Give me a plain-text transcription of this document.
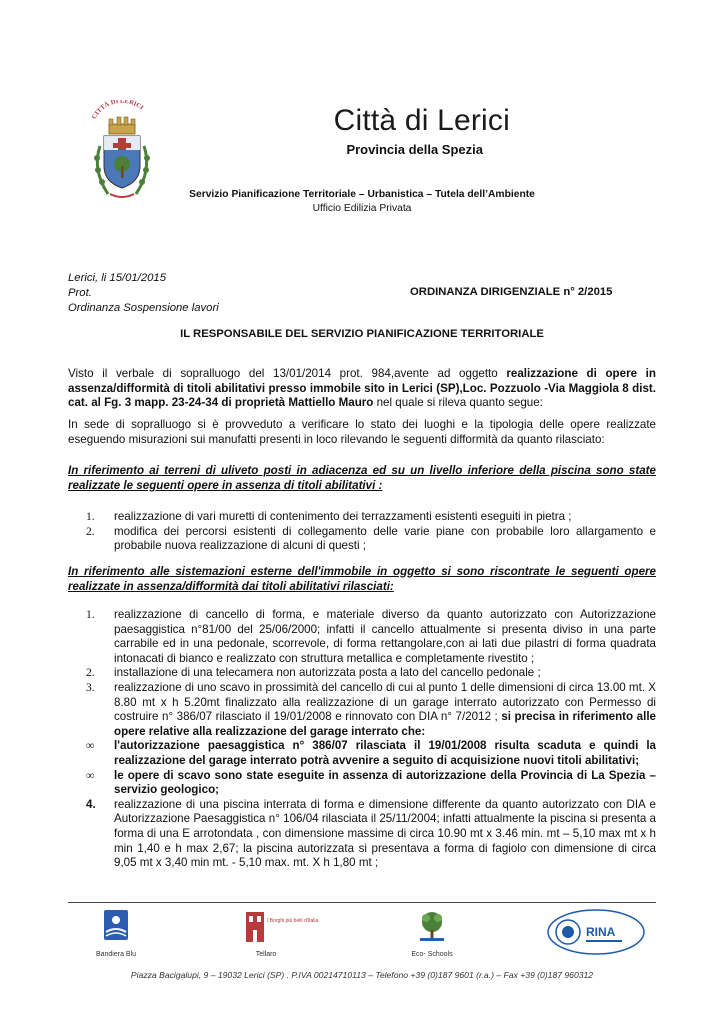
CITTÀ DI LERICI	Città di Lerici
Provincia della Spezia
Servizio Pianificazione Territoriale – Urbanistica – Tutela dell’Ambiente
Ufficio Edilizia Privata
Lerici, li 15/01/2015
Prot.
Ordinanza Sospensione lavori
ORDINANZA DIRIGENZIALE n° 2/2015
IL RESPONSABILE DEL SERVIZIO PIANIFICAZIONE TERRITORIALE
Visto il verbale di sopralluogo del 13/01/2014 prot. 984,avente ad oggetto realizzazione di opere in assenza/difformità di titoli abilitativi presso immobile sito in Lerici (SP),Loc. Pozzuolo -Via Maggiola 8 dist. cat. al Fg. 3 mapp. 23-24-34 di proprietà Mattiello Mauro nel quale si rileva quanto segue:
In sede di sopralluogo si è provveduto a verificare lo stato dei luoghi e la tipologia delle opere realizzate eseguendo misurazioni sui manufatti presenti in loco rilevando le seguenti difformità da quanto rilasciato:
In riferimento ai terreni di uliveto posti in adiacenza ed su un livello inferiore della piscina sono state realizzate le seguenti opere in assenza di titoli abilitativi :
1. realizzazione di vari muretti di contenimento dei terrazzamenti esistenti eseguiti in pietra ;
2. modifica dei percorsi esistenti di collegamento delle varie piane con probabile loro allargamento e probabile nuova realizzazione di alcuni di questi ;
In riferimento alle sistemazioni esterne dell'immobile in oggetto si sono riscontrate le seguenti opere realizzate in assenza/difformità dai titoli abilitativi rilasciati:
1. realizzazione di cancello di forma, e materiale diverso da quanto autorizzato con Autorizzazione paesaggistica n°81/00 del 25/06/2000; infatti il cancello attualmente si presenta diviso in una parte carrabile ed in una pedonale, scorrevole, di forma rettangolare,con ai lati due pilastri di forma quadrata intonacati di bianco e realizzato con struttura metallica e completamente rivestito ;
2. installazione di una telecamera non autorizzata posta a lato del cancello pedonale ;
3. realizzazione di uno scavo in prossimità del cancello di cui al punto 1 delle dimensioni di circa 13.00 mt. X 8.80 mt x h 5.20mt finalizzato alla realizzazione di un garage interrato autorizzato con Permesso di costruire n° 386/07 rilasciato il 19/01/2008 e rinnovato con DIA n° 7/2012 ; si precisa in riferimento alle opere relative alla realizzazione del garage interrato che:
∞ l'autorizzazione paesaggistica n° 386/07 rilasciata il 19/01/2008 risulta scaduta e quindi la realizzazione del garage interrato potrà avvenire a seguito di acquisizione nuovi titoli abilitativi;
∞ le opere di scavo sono state eseguite in assenza di autorizzazione della Provincia di La Spezia – servizio geologico;
4. realizzazione di una piscina interrata di forma e dimensione differente da quanto autorizzato con DIA e Autorizzazione Paesaggistica n° 106/04 rilasciata il 25/11/2004; infatti attualmente la piscina si presenta a forma di una E arrotondata , con dimensione massime di circa 10.90 mt x 3.46 min. mt – 5,10 max mt x h min 1,40 e h max 2,67; la piscina autorizzata si presentava a forma di fagiolo con dimensione di circa 9,05 mt x 3,40 min mt. - 5,10 max. mt. X h 1,80 mt ;
Bandiera Blu
I Borghi più belli d'Italia
Tellaro	Eco- Schools
RINA
Piazza Bacigalupi, 9 – 19032 Lerici (SP) . P.IVA 00214710113 – Telefono +39 (0)187 9601 (r.a.) – Fax +39 (0)187 960312
